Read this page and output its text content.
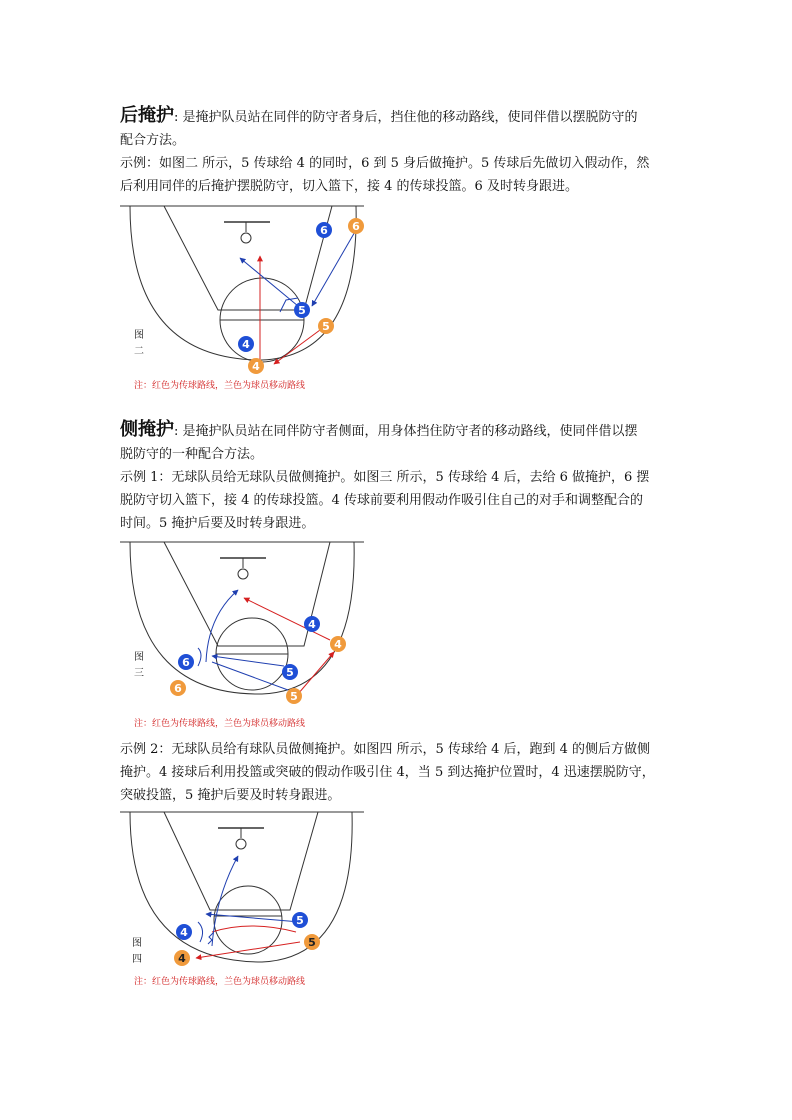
后掩护: 是掩护队员站在同伴的防守者身后，挡住他的移动路线，使同伴借以摆脱防守的
配合方法。
示例：如图二 所示，5 传球给 4 的同时，6 到 5 身后做掩护。5 传球后先做切入假动作，然
后利用同伴的后掩护摆脱防守，切入篮下，接 4 的传球投篮。6 及时转身跟进。
6 6
5
5
4
4
图
二
注：红色为传球路线，兰色为球员移动路线
侧掩护: 是掩护队员站在同伴防守者侧面，用身体挡住防守者的移动路线，使同伴借以摆
脱防守的一种配合方法。
示例 1：无球队员给无球队员做侧掩护。如图三 所示，5 传球给 4 后，去给 6 做掩护，6 摆
脱防守切入篮下，接 4 的传球投篮。4 传球前要利用假动作吸引住自己的对手和调整配合的
时间。5 掩护后要及时转身跟进。
4
4
6
6
5
5
图
三
注：红色为传球路线，兰色为球员移动路线
示例 2：无球队员给有球队员做侧掩护。如图四 所示，5 传球给 4 后，跑到 4 的侧后方做侧
掩护。4 接球后利用投篮或突破的假动作吸引住 4，当 5 到达掩护位置时，4 迅速摆脱防守，
突破投篮，5 掩护后要及时转身跟进。
4
4
5
5
图
四
注：红色为传球路线，兰色为球员移动路线
